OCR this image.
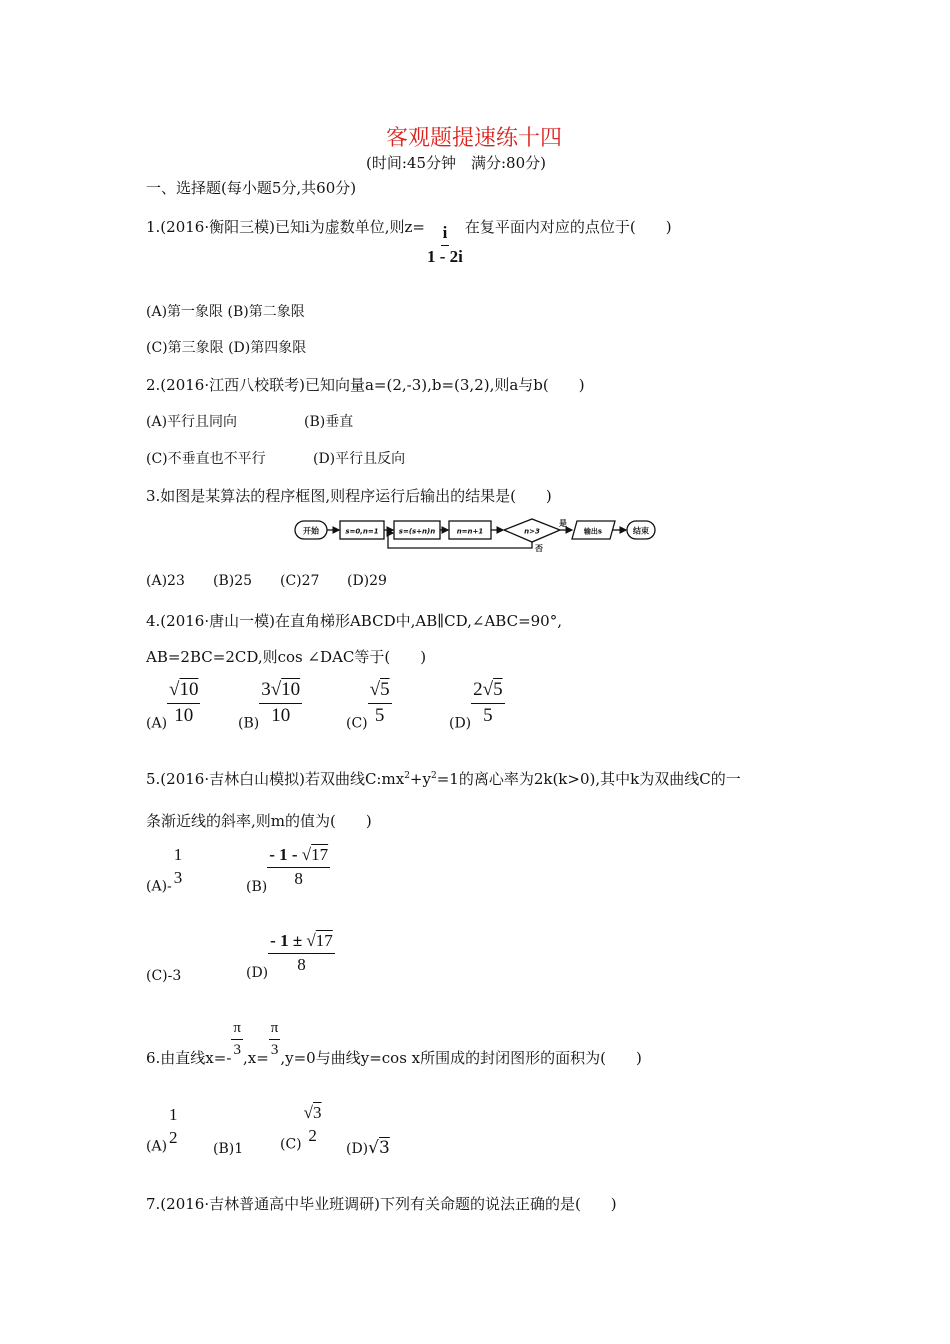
客观题提速练十四
(时间:45分钟　满分:80分)
一、选择题(每小题5分,共60分)
1.(2016·衡阳三模)已知i为虚数单位,则$z= \frac{i}{1 - 2i}$ 在复平面内对应的点位于(　　)
(A)第一象限 (B)第二象限
(C)第三象限 (D)第四象限
2.(2016·江西八校联考)已知向量a=(2,-3),b=(3,2),则a与b(　　)
(A)平行且同向	(B)垂直
(C)不垂直也不平行	(D)平行且反向
3.如图是某算法的程序框图,则程序运行后输出的结果是(　　)
开始	s=0,n=1	s=(s+n)n	n=n+1	n>3
是
否
输出s	结束
(A)23 (B)25 (C)27 (D)29
4.(2016·唐山一模)在直角梯形ABCD中,AB∥CD,∠ABC=90°,
AB=2BC=2CD,则cos ∠DAC等于(　　)
$(A) \frac{√10}{10}$	$(B) \frac{3√10}{10}$	$(C) \frac{√5}{5}$	$(D) \frac{2√5}{5}$
5.(2016·吉林白山模拟)若双曲线$C:mx^2+y^2=1$的离心率为2k(k>0),其中k为双曲线C的一
条渐近线的斜率,则m的值为(　　)
(A)-
1
3
$(B) \frac{- 1 - √17}{8}$
(C)-3	$(D) \frac{- 1 \pm √17}{8}$
6.由直线$x=- \frac{\pi}{3} ,x= \frac{\pi}{3} ,y=0$与曲线y=cos x所围成的封闭图形的面积为(　　)
(A)
1
2
(B)1	(C)
√3
2
(D)√3
7.(2016·吉林普通高中毕业班调研)下列有关命题的说法正确的是(　　)
